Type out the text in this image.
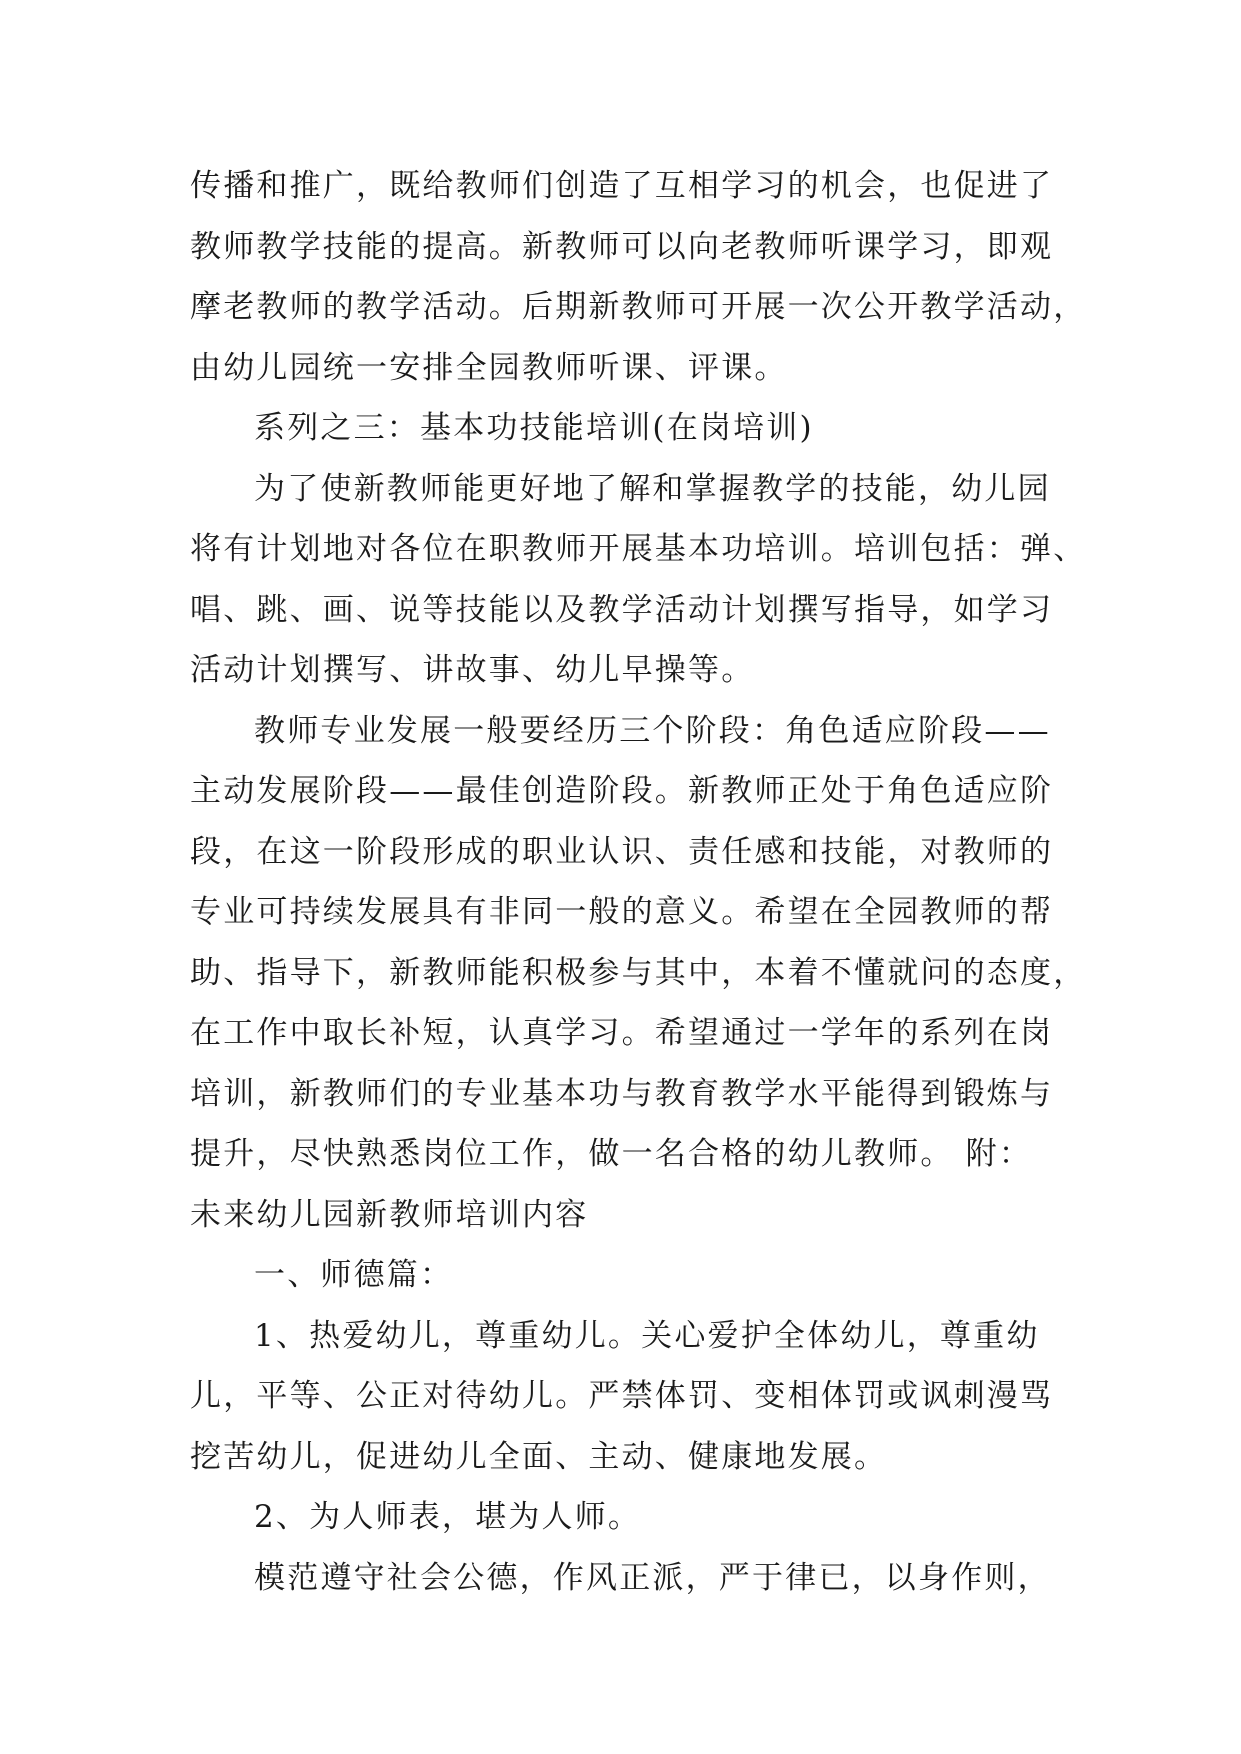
传播和推广，既给教师们创造了互相学习的机会，也促进了
教师教学技能的提高。新教师可以向老教师听课学习，即观
摩老教师的教学活动。后期新教师可开展一次公开教学活动，
由幼儿园统一安排全园教师听课、评课。
系列之三：基本功技能培训(在岗培训)
为了使新教师能更好地了解和掌握教学的技能，幼儿园
将有计划地对各位在职教师开展基本功培训。培训包括：弹、
唱、跳、画、说等技能以及教学活动计划撰写指导，如学习
活动计划撰写、讲故事、幼儿早操等。
教师专业发展一般要经历三个阶段：角色适应阶段——
主动发展阶段——最佳创造阶段。新教师正处于角色适应阶
段，在这一阶段形成的职业认识、责任感和技能，对教师的
专业可持续发展具有非同一般的意义。希望在全园教师的帮
助、指导下，新教师能积极参与其中，本着不懂就问的态度，
在工作中取长补短，认真学习。希望通过一学年的系列在岗
培训，新教师们的专业基本功与教育教学水平能得到锻炼与
提升，尽快熟悉岗位工作，做一名合格的幼儿教师。 附：
未来幼儿园新教师培训内容
一、师德篇：
1、热爱幼儿，尊重幼儿。关心爱护全体幼儿，尊重幼
儿，平等、公正对待幼儿。严禁体罚、变相体罚或讽刺漫骂
挖苦幼儿，促进幼儿全面、主动、健康地发展。
2、为人师表，堪为人师。
模范遵守社会公德，作风正派，严于律已，以身作则，
